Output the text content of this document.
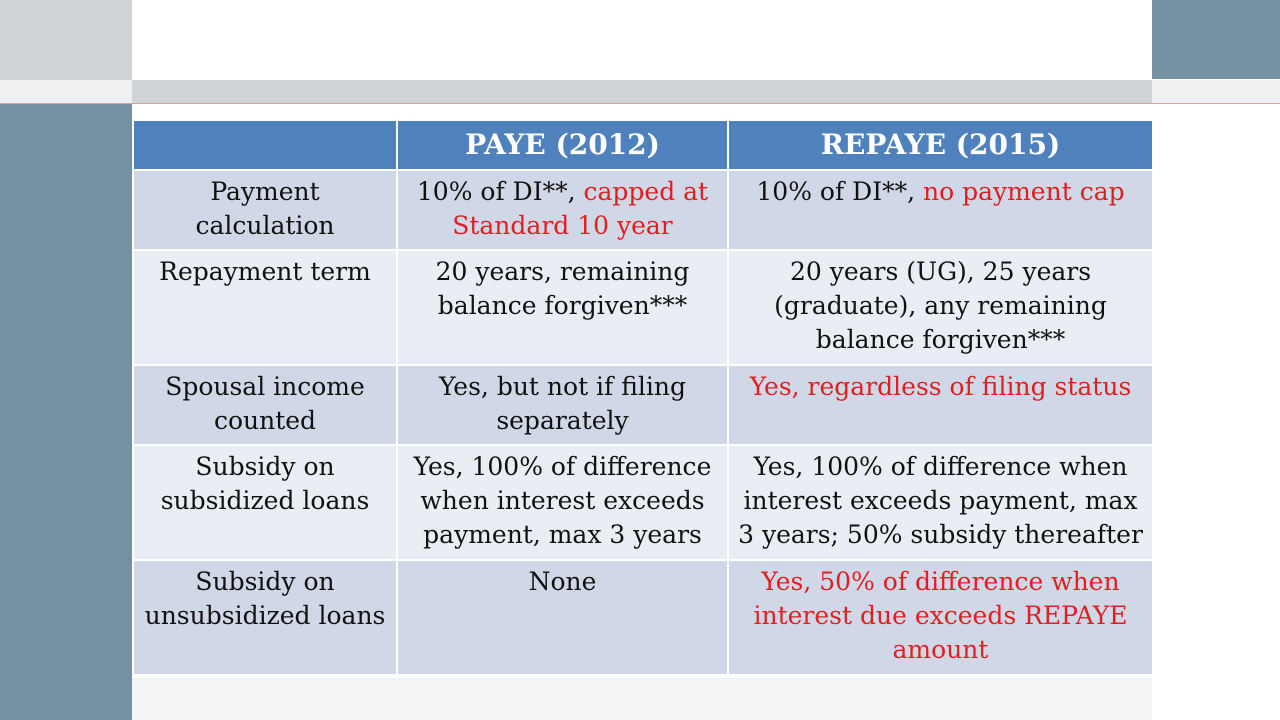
	PAYE (2012)	REPAYE (2015)
Payment calculation	10% of DI**, capped at Standard 10 year	10% of DI**, no payment cap
Repayment term	20 years, remaining balance forgiven***	20 years (UG), 25 years (graduate), any remaining balance forgiven***
Spousal income counted	Yes, but not if filing separately	Yes, regardless of filing status
Subsidy on subsidized loans	Yes, 100% of difference when interest exceeds payment, max 3 years	Yes, 100% of difference when interest exceeds payment, max 3 years; 50% subsidy thereafter
Subsidy on unsubsidized loans	None	Yes, 50% of difference when interest due exceeds REPAYE amount
